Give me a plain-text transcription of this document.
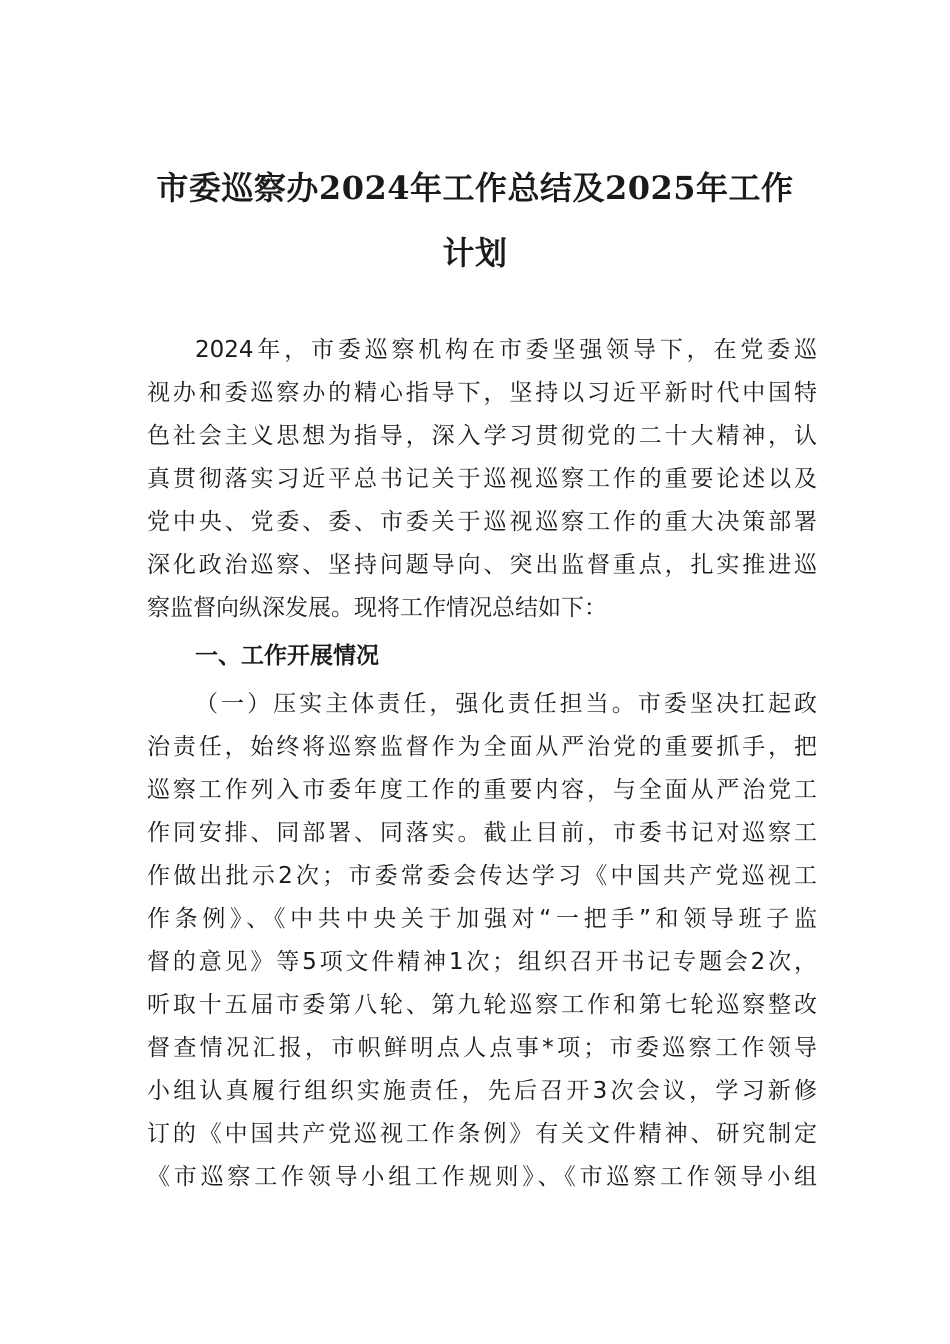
市委巡察办2024年工作总结及2025年工作
计划
2024年，市委巡察机构在市委坚强领导下，在党委巡
视办和委巡察办的精心指导下，坚持以习近平新时代中国特
色社会主义思想为指导，深入学习贯彻党的二十大精神，认
真贯彻落实习近平总书记关于巡视巡察工作的重要论述以及
党中央、党委、委、市委关于巡视巡察工作的重大决策部署
深化政治巡察、坚持问题导向、突出监督重点，扎实推进巡
察监督向纵深发展。现将工作情况总结如下：
一、工作开展情况
（一）压实主体责任，强化责任担当。市委坚决扛起政
治责任，始终将巡察监督作为全面从严治党的重要抓手，把
巡察工作列入市委年度工作的重要内容，与全面从严治党工
作同安排、同部署、同落实。截止目前，市委书记对巡察工
作做出批示2次；市委常委会传达学习《中国共产党巡视工
作条例》、《中共中央关于加强对“一把手”和领导班子监
督的意见》等5项文件精神1次；组织召开书记专题会2次，
听取十五届市委第八轮、第九轮巡察工作和第七轮巡察整改
督查情况汇报，市帜鲜明点人点事*项；市委巡察工作领导
小组认真履行组织实施责任，先后召开3次会议，学习新修
订的《中国共产党巡视工作条例》有关文件精神、研究制定
《市巡察工作领导小组工作规则》、《市巡察工作领导小组
